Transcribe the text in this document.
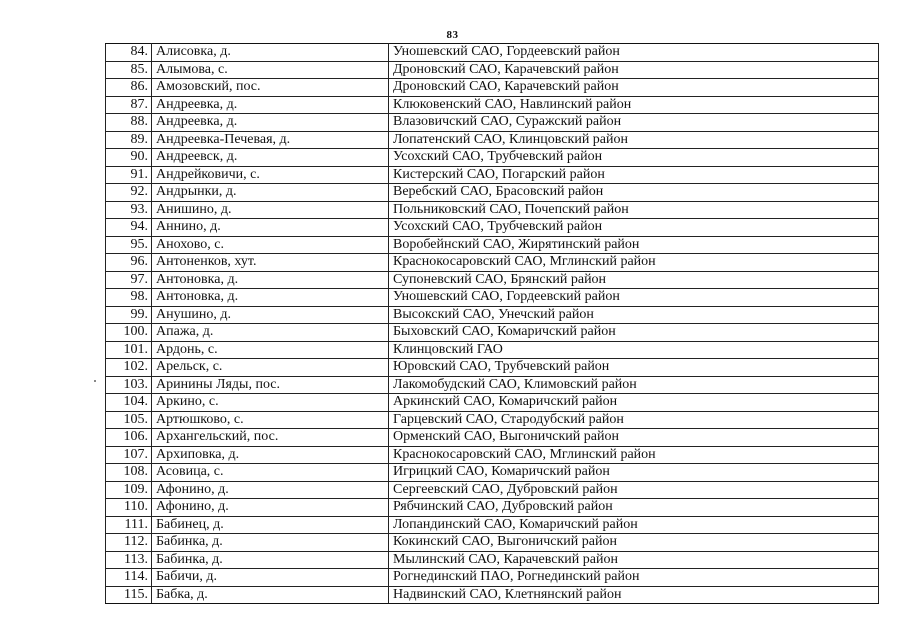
83
84.	Алисовка, д.	Уношевский САО, Гордеевский район
85.	Алымова, с.	Дроновский САО, Карачевский район
86.	Амозовский, пос.	Дроновский САО, Карачевский район
87.	Андреевка, д.	Клюковенский САО, Навлинский район
88.	Андреевка, д.	Влазовичский САО, Суражский район
89.	Андреевка-Печевая, д.	Лопатенский САО, Клинцовский район
90.	Андреевск, д.	Усохский САО, Трубчевский район
91.	Андрейковичи, с.	Кистерский САО, Погарский район
92.	Андрынки, д.	Веребский САО, Брасовский район
93.	Анишино, д.	Польниковский САО, Почепский район
94.	Аннино, д.	Усохский САО, Трубчевский район
95.	Анохово, с.	Воробейнский САО, Жирятинский район
96.	Антоненков, хут.	Краснокосаровский САО, Мглинский район
97.	Антоновка, д.	Супоневский САО, Брянский район
98.	Антоновка, д.	Уношевский САО, Гордеевский район
99.	Анушино, д.	Высокский САО, Унечский район
100.	Апажа, д.	Быховский САО, Комаричский район
101.	Ардонь, с.	Клинцовский ГАО
102.	Арельск, с.	Юровский САО, Трубчевский район
103.	Аринины Ляды, пос.	Лакомобудский САО, Климовский район
104.	Аркино, с.	Аркинский САО, Комаричский район
105.	Артюшково, с.	Гарцевский САО, Стародубский район
106.	Архангельский, пос.	Орменский САО, Выгоничский район
107.	Архиповка, д.	Краснокосаровский САО, Мглинский район
108.	Асовица, с.	Игрицкий САО, Комаричский район
109.	Афонино, д.	Сергеевский САО, Дубровский район
110.	Афонино, д.	Рябчинский САО, Дубровский район
111.	Бабинец, д.	Лопандинский САО, Комаричский район
112.	Бабинка, д.	Кокинский САО, Выгоничский район
113.	Бабинка, д.	Мылинский САО, Карачевский район
114.	Бабичи, д.	Рогнединский ПАО, Рогнединский район
115.	Бабка, д.	Надвинский САО, Клетнянский район
